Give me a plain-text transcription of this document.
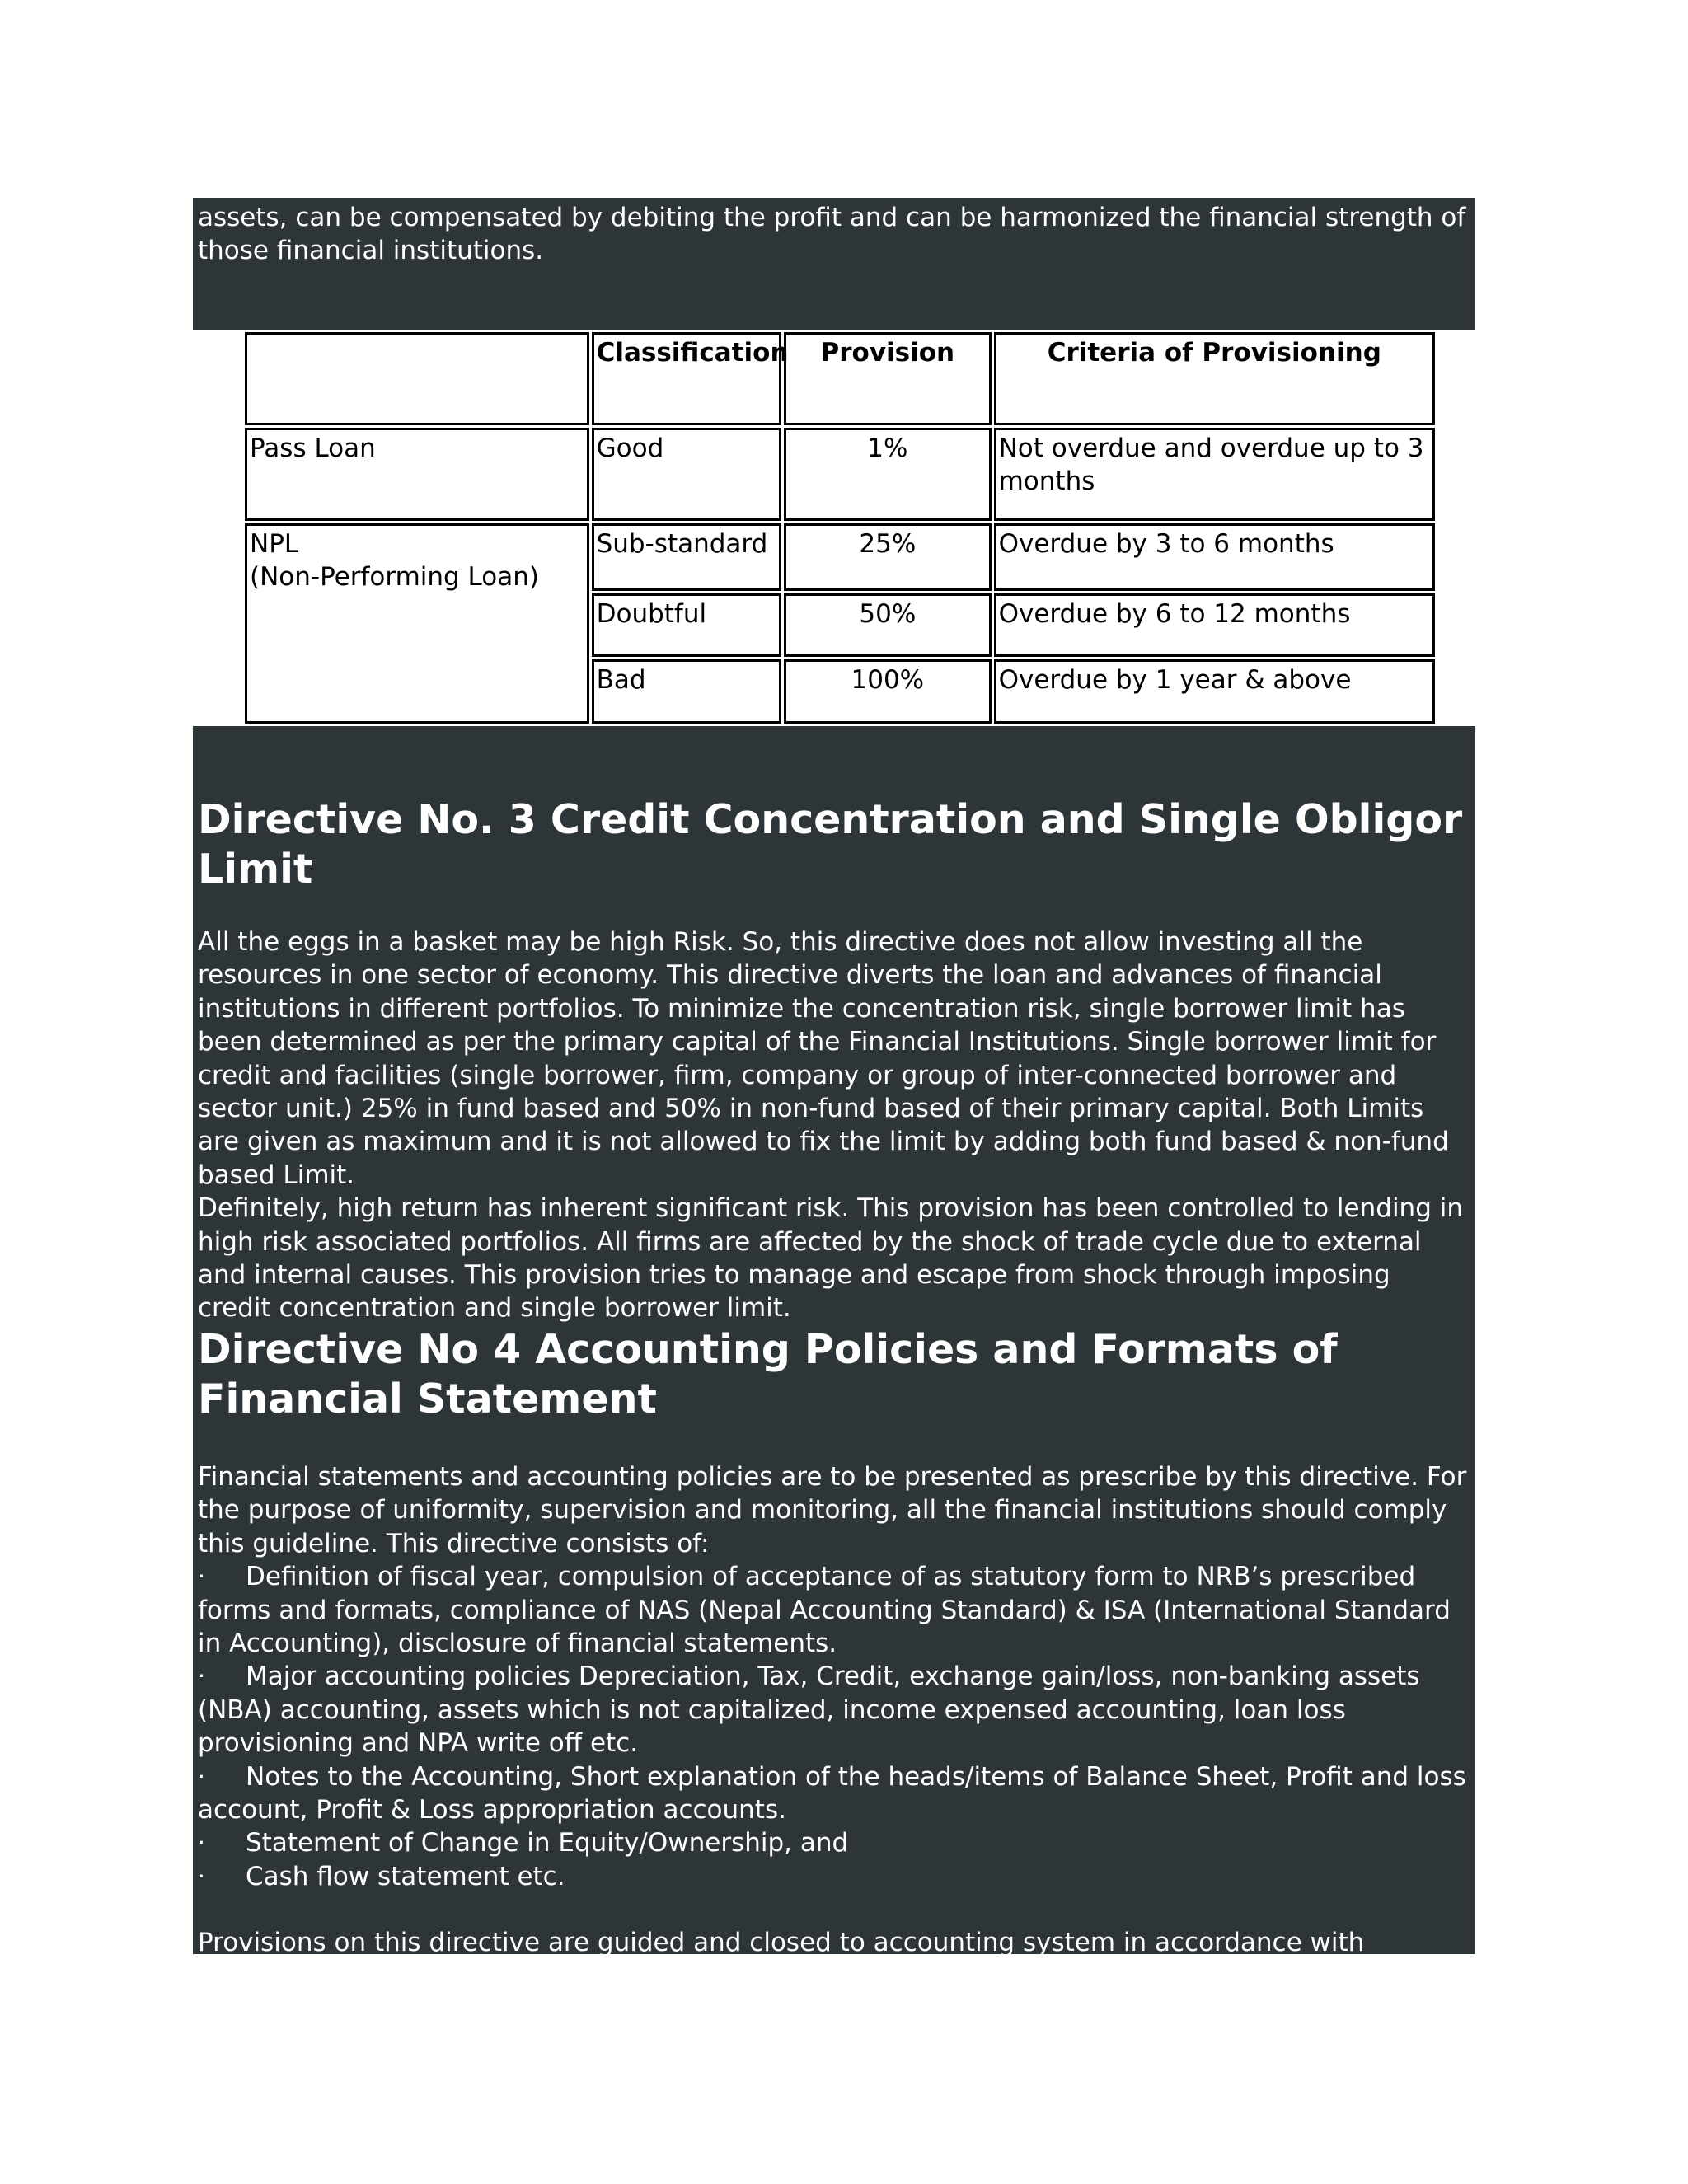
assets, can be compensated by debiting the profit and can be harmonized the financial strength of those financial institutions.

	Classification	Provision	Criteria of Provisioning
Pass Loan	Good	1%	Not overdue and overdue up to 3 months

NPL
(Non-Performing Loan)	Sub-standard	25%	Overdue by 3 to 6 months
	Doubtful	50%	Overdue by 6 to 12 months
	Bad	100%	Overdue by 1 year & above
Directive No. 3 Credit Concentration and Single Obligor Limit

All the eggs in a basket may be high Risk. So, this directive does not allow investing all the resources in one sector of economy. This directive diverts the loan and advances of financial institutions in different portfolios. To minimize the concentration risk, single borrower limit has been determined as per the primary capital of the Financial Institutions. Single borrower limit for credit and facilities (single borrower, firm, company or group of inter-connected borrower and sector unit.) 25% in fund based and 50% in non-fund based of their primary capital. Both Limits are given as maximum and it is not allowed to fix the limit by adding both fund based & non-fund based Limit.

Definitely, high return has inherent significant risk. This provision has been controlled to lending in high risk associated portfolios. All firms are affected by the shock of trade cycle due to external and internal causes. This provision tries to manage and escape from shock through imposing credit concentration and single borrower limit.

Directive No 4 Accounting Policies and Formats of Financial Statement

Financial statements and accounting policies are to be presented as prescribe by this directive. For the purpose of uniformity, supervision and monitoring, all the financial institutions should comply this guideline. This directive consists of:

· Definition of fiscal year, compulsion of acceptance of as statutory form to NRB’s prescribed forms and formats, compliance of NAS (Nepal Accounting Standard) & ISA (International Standard in Accounting), disclosure of financial statements.
· Major accounting policies Depreciation, Tax, Credit, exchange gain/loss, non-banking assets (NBA) accounting, assets which is not capitalized, income expensed accounting, loan loss provisioning and NPA write off etc.
· Notes to the Accounting, Short explanation of the heads/items of Balance Sheet, Profit and loss account, Profit & Loss appropriation accounts.
· Statement of Change in Equity/Ownership, and
· Cash flow statement etc.

Provisions on this directive are guided and closed to accounting system in accordance with international standard. Provisions of this directive can be found guided under the IAS, NAS & ISA etc. Financial institutions are exposed nationwide as well as internationally so that it's accounting system and financial
